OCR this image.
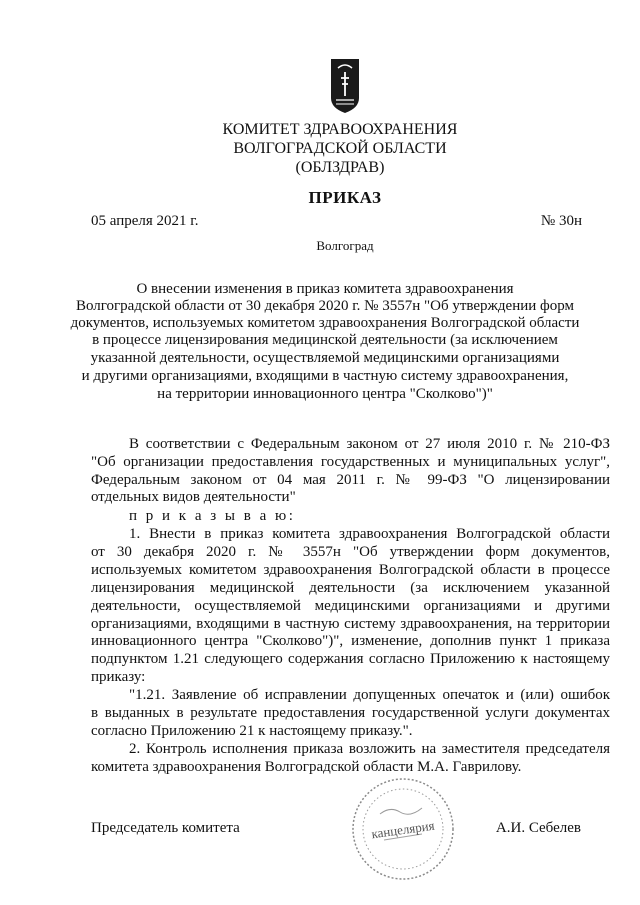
КОМИТЕТ ЗДРАВООХРАНЕНИЯ
ВОЛГОГРАДСКОЙ ОБЛАСТИ
(ОБЛЗДРАВ)
ПРИКАЗ
05 апреля 2021 г.	№ 30н
Волгоград
О внесении изменения в приказ комитета здравоохранения
Волгоградской области от 30 декабря 2020 г. № 3557н "Об утверждении форм
документов, используемых комитетом здравоохранения Волгоградской области
в процессе лицензирования медицинской деятельности (за исключением
указанной деятельности, осуществляемой медицинскими организациями
и другими организациями, входящими в частную систему здравоохранения,
на территории инновационного центра "Сколково")"
В соответствии с Федеральным законом от 27 июля 2010 г. № 210-ФЗ
"Об организации предоставления государственных и муниципальных услуг",
Федеральным законом от 04 мая 2011 г. № 99-ФЗ "О лицензировании
отдельных видов деятельности"
п р и к а з ы в а ю:
1. Внести в приказ комитета здравоохранения Волгоградской области
от 30 декабря 2020 г. № 3557н "Об утверждении форм документов,
используемых комитетом здравоохранения Волгоградской области в процессе
лицензирования медицинской деятельности (за исключением указанной
деятельности, осуществляемой медицинскими организациями и другими
организациями, входящими в частную систему здравоохранения, на территории
инновационного центра "Сколково")", изменение, дополнив пункт 1 приказа
подпунктом 1.21 следующего содержания согласно Приложению к настоящему
приказу:
"1.21. Заявление об исправлении допущенных опечаток и (или) ошибок
в выданных в результате предоставления государственной услуги документах
согласно Приложению 21 к настоящему приказу.".
2. Контроль исполнения приказа возложить на заместителя председателя
комитета здравоохранения Волгоградской области М.А. Гаврилову.
канцелярия
Председатель комитета	А.И. Себелев
